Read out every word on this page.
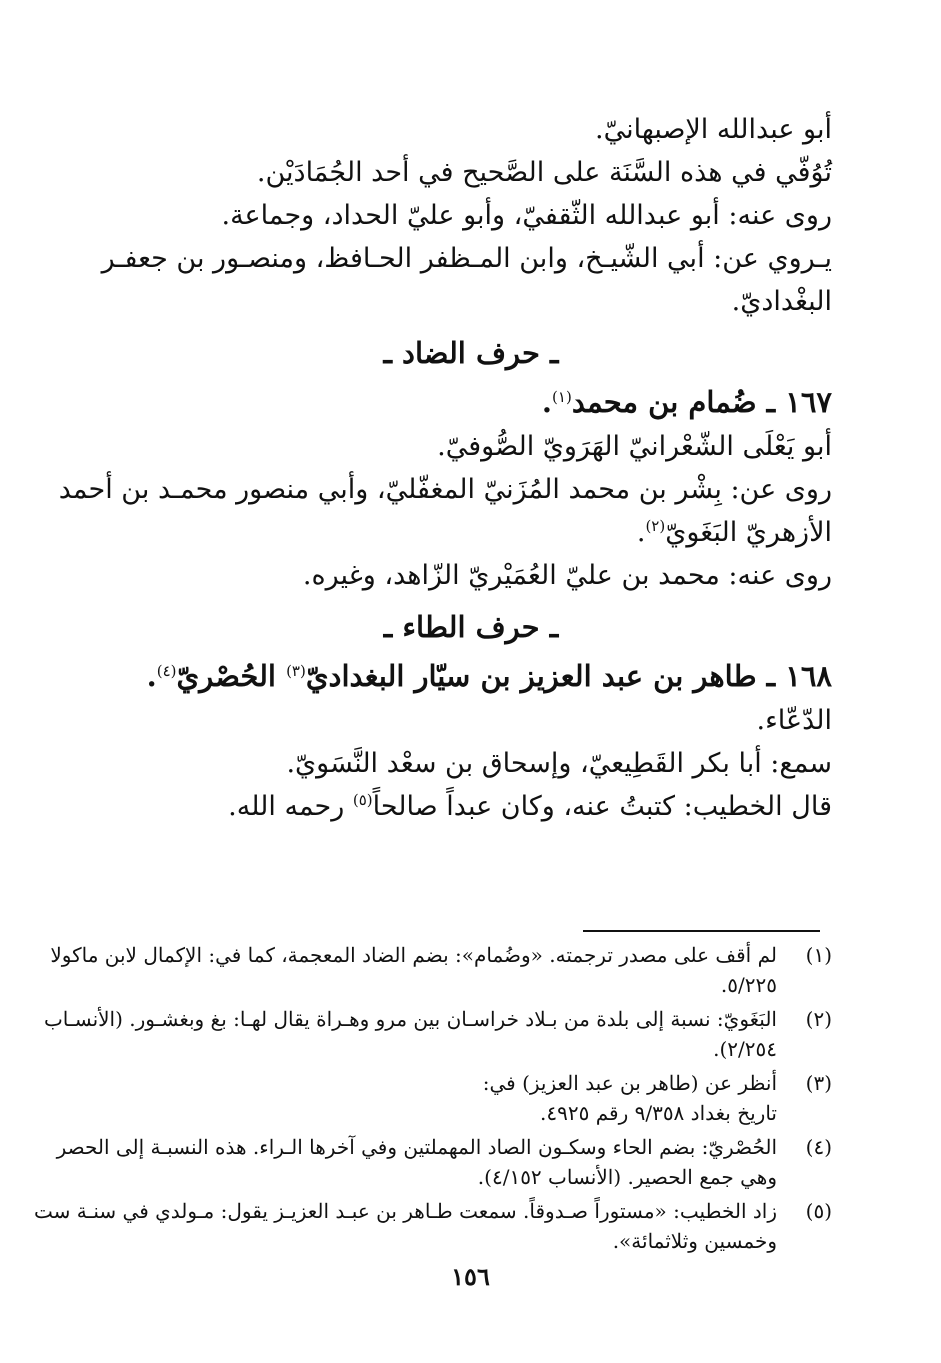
أبو عبدالله الإصبهانيّ.
تُوُفّي في هذه السَّنَة على الصَّحيح في أحد الجُمَادَيْن.
روى عنه: أبو عبدالله الثّقفيّ، وأبو عليّ الحداد، وجماعة.
يـروي عن: أبي الشّيـخ، وابن المـظفر الحـافظ، ومنصـور بن جعفـر
البغْداديّ.
ـ حرف الضاد ـ
١٦٧ ـ ضُمام بن محمد$^{(١)}$.
أبو يَعْلَى الشّعْرانيّ الهَرَويّ الصُّوفيّ.
روى عن: بِشْر بن محمد المُزَنيّ المغفّليّ، وأبي منصور محمـد بن أحمد
الأزهريّ البَغَويّ$^{(٢)}$.
روى عنه: محمد بن عليّ العُمَيْريّ الزّاهد، وغيره.
ـ حرف الطاء ـ
١٦٨ ـ طاهر بن عبد العزيز بن سيّار البغداديّ$^{(٣)}$ الحُصْريّ$^{(٤)}$.
الدّعّاء.
سمع: أبا بكر القَطِيعيّ، وإسحاق بن سعْد النَّسَويّ.
قال الخطيب: كتبتُ عنه، وكان عبداً صالحاً$^{(٥)}$ رحمه الله.
(١)
لم أقف على مصدر ترجمته. «وضُمام»: بضم الضاد المعجمة، كما في: الإكمال لابن ماكولا
٥/٢٢٥.
(٢)
البَغَويّ: نسبة إلى بلدة من بـلاد خراسـان بين مرو وهـراة يقال لهـا: بغ وبغشـور. (الأنسـاب
٢/٢٥٤).
(٣)
أنظر عن (طاهر بن عبد العزيز) في:
تاريخ بغداد ٩/٣٥٨ رقم ٤٩٢٥.
(٤)
الحُصْريّ: بضم الحاء وسكـون الصاد المهملتين وفي آخرها الـراء. هذه النسبـة إلى الحصر
وهي جمع الحصير. (الأنساب ٤/١٥٢).
(٥)
زاد الخطيب: «مستوراً صـدوقاً. سمعت طـاهر بن عبـد العزيـز يقول: مـولدي في سنـة ست
وخمسين وثلاثمائة».
١٥٦
